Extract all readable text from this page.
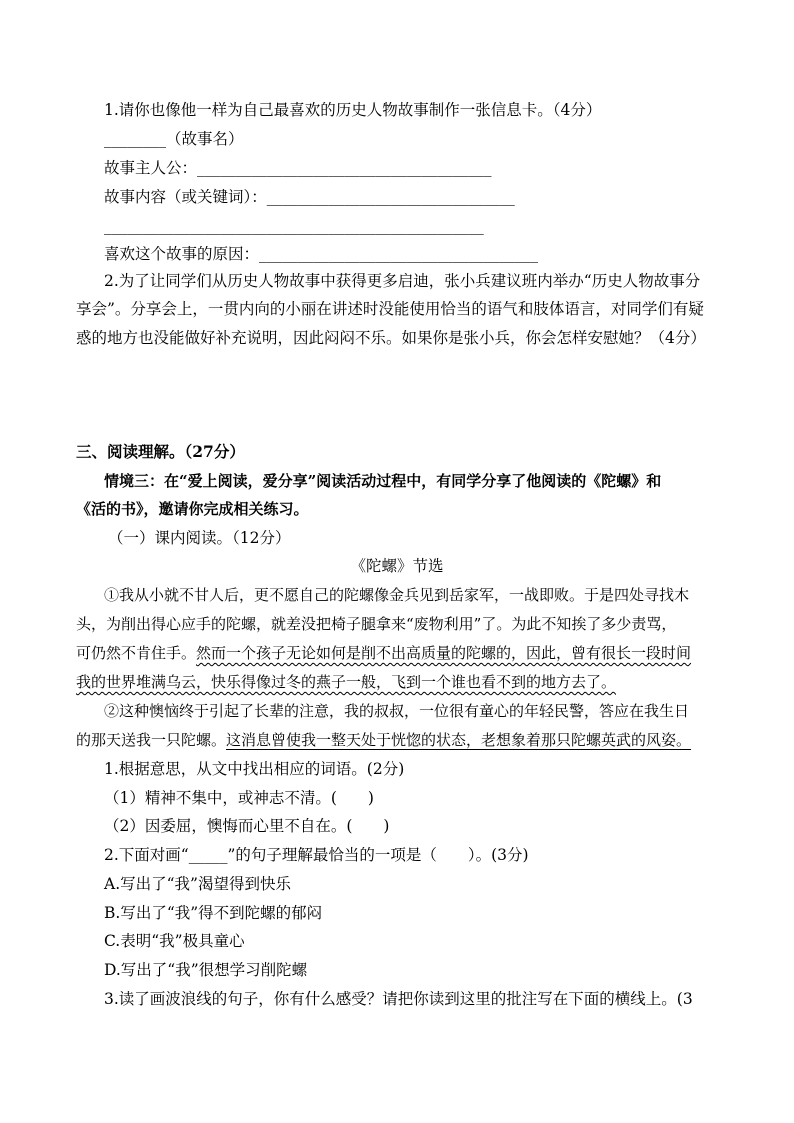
1.请你也像他一样为自己最喜欢的历史人物故事制作一张信息卡。（4分）
________（故事名）
故事主人公：______________________________________
故事内容（或关键词）：________________________________
_________________________________________________
喜欢这个故事的原因：____________________________________
2.为了让同学们从历史人物故事中获得更多启迪，张小兵建议班内举办“历史人物故事分
享会”。分享会上，一贯内向的小丽在讲述时没能使用恰当的语气和肢体语言，对同学们有疑
惑的地方也没能做好补充说明，因此闷闷不乐。如果你是张小兵，你会怎样安慰她？（4分）
三、阅读理解。（27分）
情境三：在“爱上阅读，爱分享”阅读活动过程中，有同学分享了他阅读的《陀螺》和
《活的书》，邀请你完成相关练习。
（一）课内阅读。（12分）
《陀螺》节选
①我从小就不甘人后，更不愿自己的陀螺像金兵见到岳家军，一战即败。于是四处寻找木
头，为削出得心应手的陀螺，就差没把椅子腿拿来“废物利用”了。为此不知挨了多少责骂，
可仍然不肯住手。然而一个孩子无论如何是削不出高质量的陀螺的，因此，曾有很长一段时间
我的世界堆满乌云，快乐得像过冬的燕子一般，飞到一个谁也看不到的地方去了。
②这种懊恼终于引起了长辈的注意，我的叔叔，一位很有童心的年轻民警，答应在我生日
的那天送我一只陀螺。这消息曾使我一整天处于恍惚的状态，老想象着那只陀螺英武的风姿。
1.根据意思，从文中找出相应的词语。(2分)
（1）精神不集中，或神志不清。(　　)
（2）因委屈，懊悔而心里不自在。(　　)
2.下面对画“_____”的句子理解最恰当的一项是（　　）。(3分)
A.写出了“我”渴望得到快乐
B.写出了“我”得不到陀螺的郁闷
C.表明“我”极具童心
D.写出了“我”很想学习削陀螺
3.读了画波浪线的句子，你有什么感受？请把你读到这里的批注写在下面的横线上。(3
